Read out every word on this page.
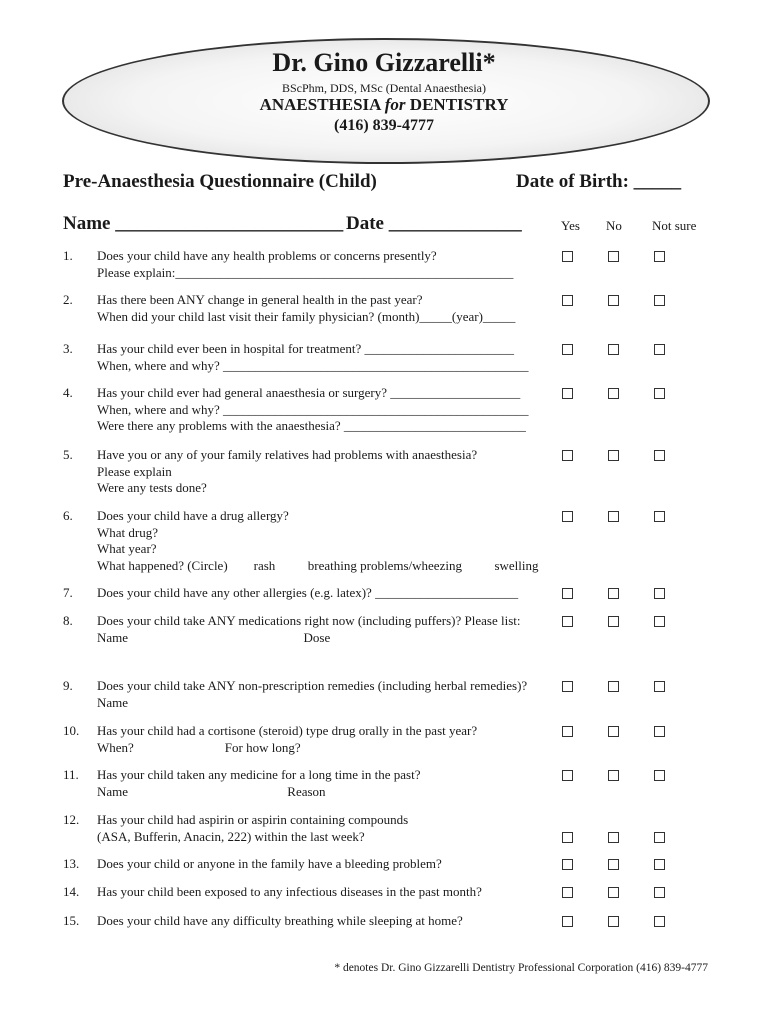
Dr. Gino Gizzarelli*
BScPhm, DDS, MSc (Dental Anaesthesia)
ANAESTHESIA for DENTISTRY
(416) 839-4777
Pre-Anaesthesia Questionnaire (Child)	Date of Birth: _____
Name ________________________ Date ______________	Yes No Not sure
1. Does your child have any health problems or concerns presently?
Please explain:____________________________________________________
2. Has there been ANY change in general health in the past year?
When did your child last visit their family physician? (month)_____(year)_____
3. Has your child ever been in hospital for treatment? _______________________
When, where and why? _______________________________________________
4. Has your child ever had general anaesthesia or surgery? ____________________
When, where and why? _______________________________________________
Were there any problems with the anaesthesia? ____________________________
5. Have you or any of your family relatives had problems with anaesthesia?
Please explain
Were any tests done?
6. Does your child have a drug allergy?
What drug?
What year?
What happened? (Circle)        rash          breathing problems/wheezing          swelling
7. Does your child have any other allergies (e.g. latex)? ______________________
8. Does your child take ANY medications right now (including puffers)? Please list:
Name                                                      Dose
9. Does your child take ANY non-prescription remedies (including herbal remedies)?
Name
10. Has your child had a cortisone (steroid) type drug orally in the past year?
When?                            For how long?
11. Has your child taken any medicine for a long time in the past?
Name                                                 Reason
12. Has your child had aspirin or aspirin containing compounds
(ASA, Bufferin, Anacin, 222) within the last week?
13. Does your child or anyone in the family have a bleeding problem?
14. Has your child been exposed to any infectious diseases in the past month?
15. Does your child have any difficulty breathing while sleeping at home?
* denotes Dr. Gino Gizzarelli Dentistry Professional Corporation (416) 839-4777
